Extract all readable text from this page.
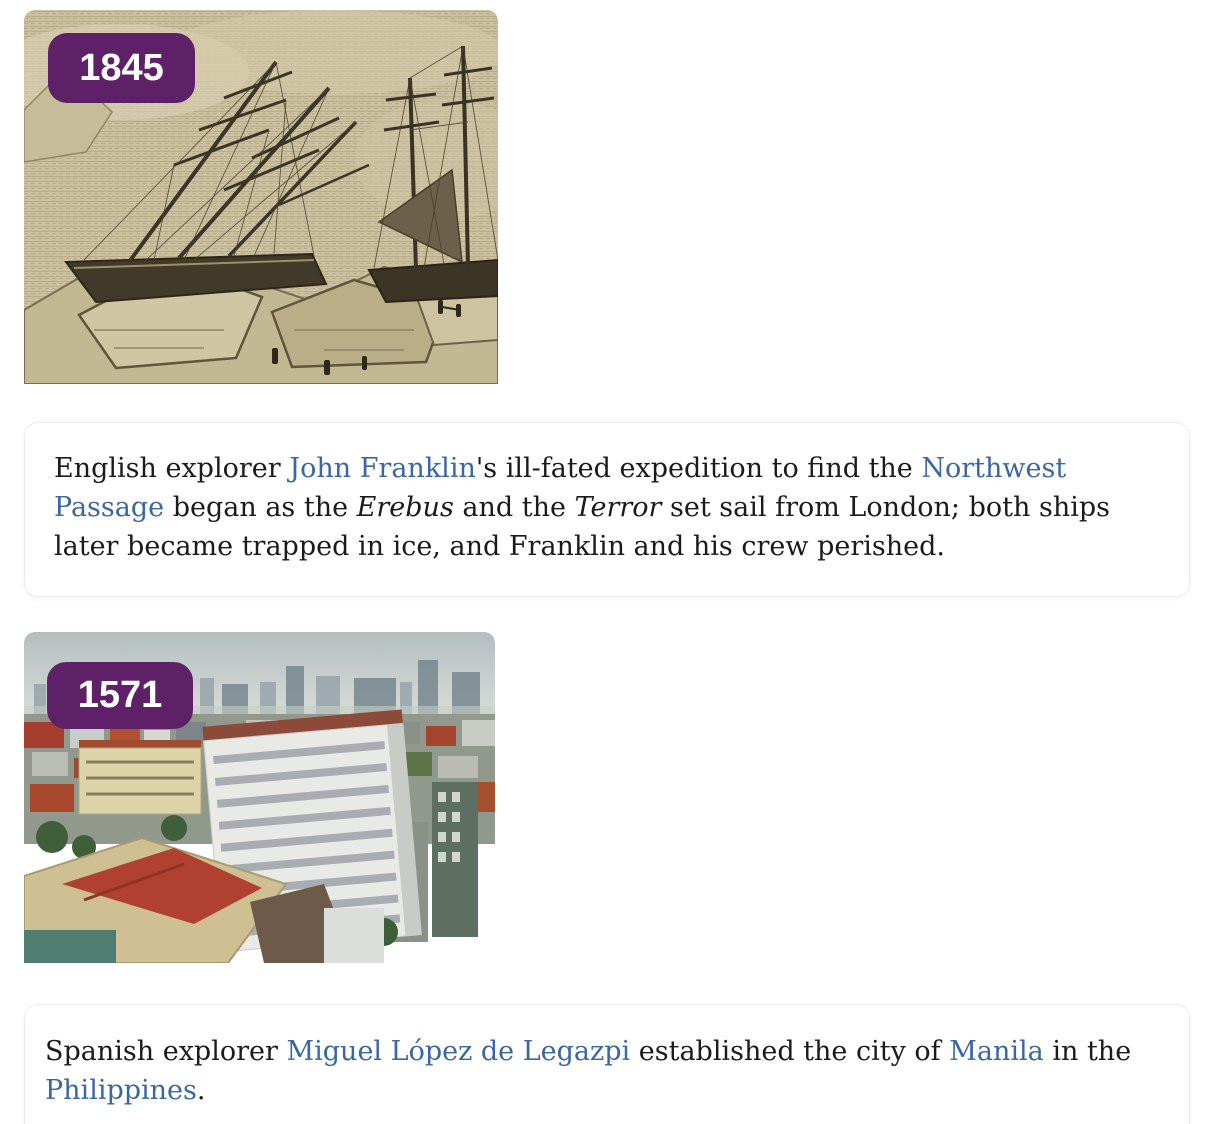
1845

English explorer John Franklin's ill-fated expedition to find the Northwest Passage began as the Erebus and the Terror set sail from London; both ships later became trapped in ice, and Franklin and his crew perished.

1571

Spanish explorer Miguel López de Legazpi established the city of Manila in the Philippines.
